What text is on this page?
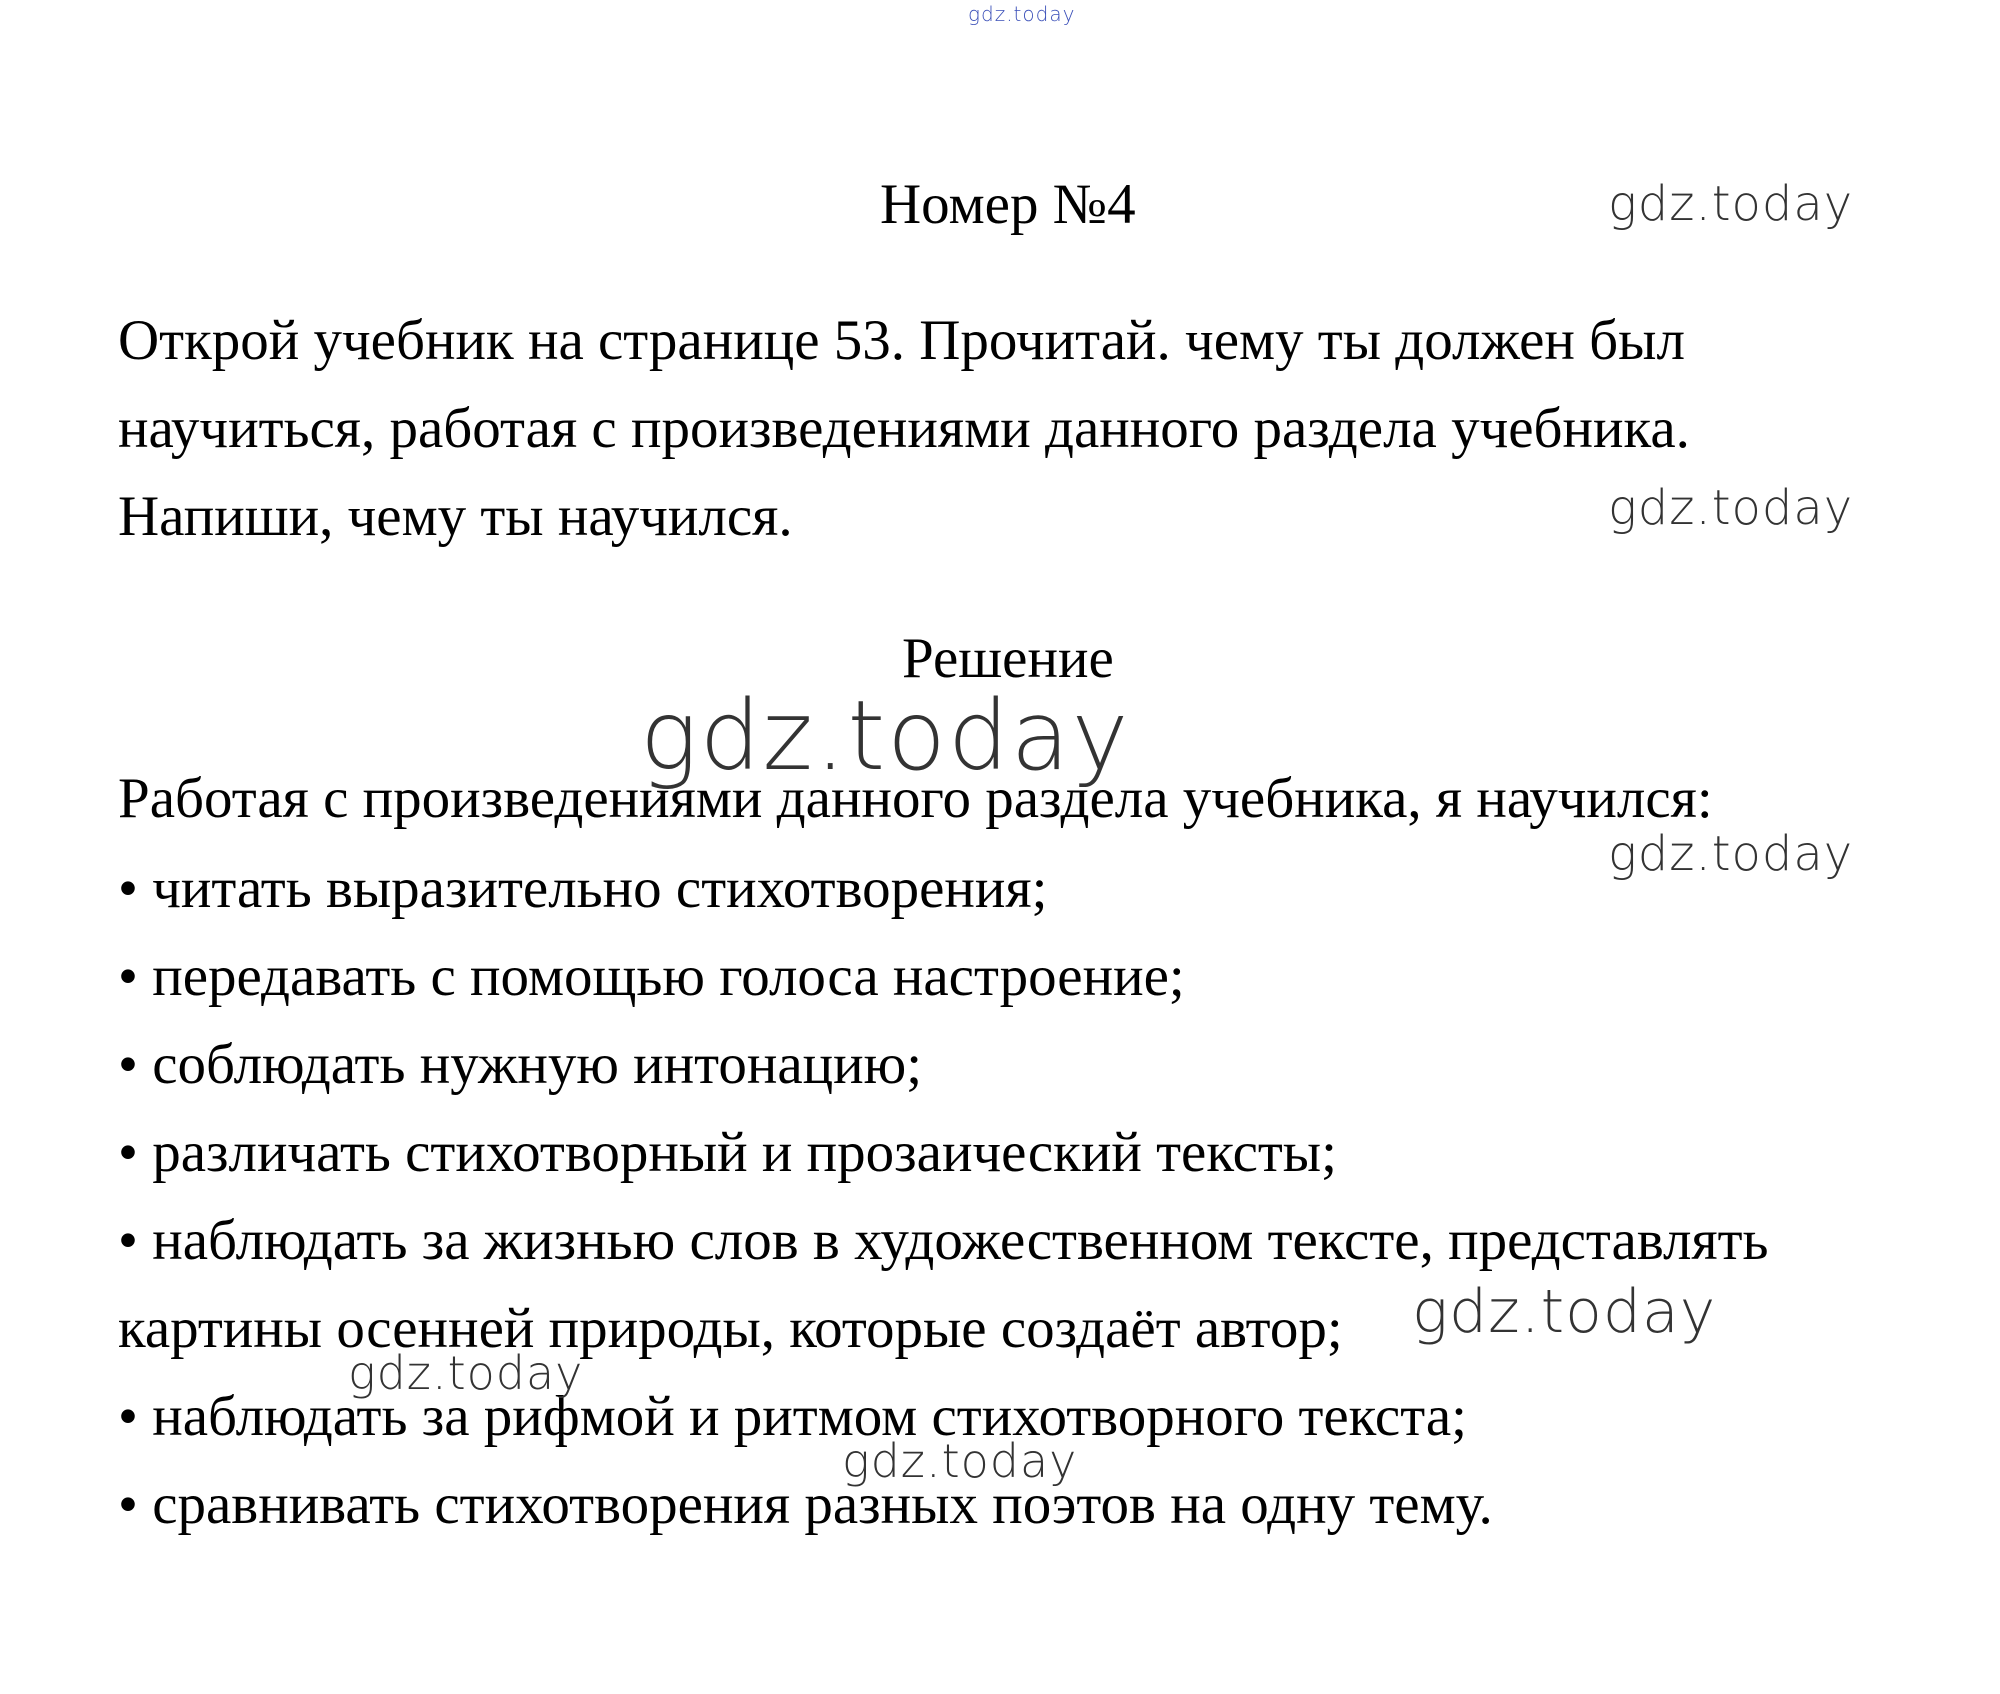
gdz.today
gdz.today
gdz.today
gdz.today
gdz.today
gdz.today
Номер №4

Открой учебник на странице 53. Прочитай. чему ты должен был

научиться, работая с произведениями данного раздела учебника.

Напиши, чему ты научился.

Решение

Работая с произведениями данного раздела учебника, я научился:

• читать выразительно стихотворения;

• передавать с помощью голоса настроение;

• соблюдать нужную интонацию;

• различать стихотворный и прозаический тексты;

• наблюдать за жизнью слов в художественном тексте, представлять

картины осенней природы, которые создаёт автор;

• наблюдать за рифмой и ритмом стихотворного текста;

• сравнивать стихотворения разных поэтов на одну тему.

gdz.today
gdz.today
